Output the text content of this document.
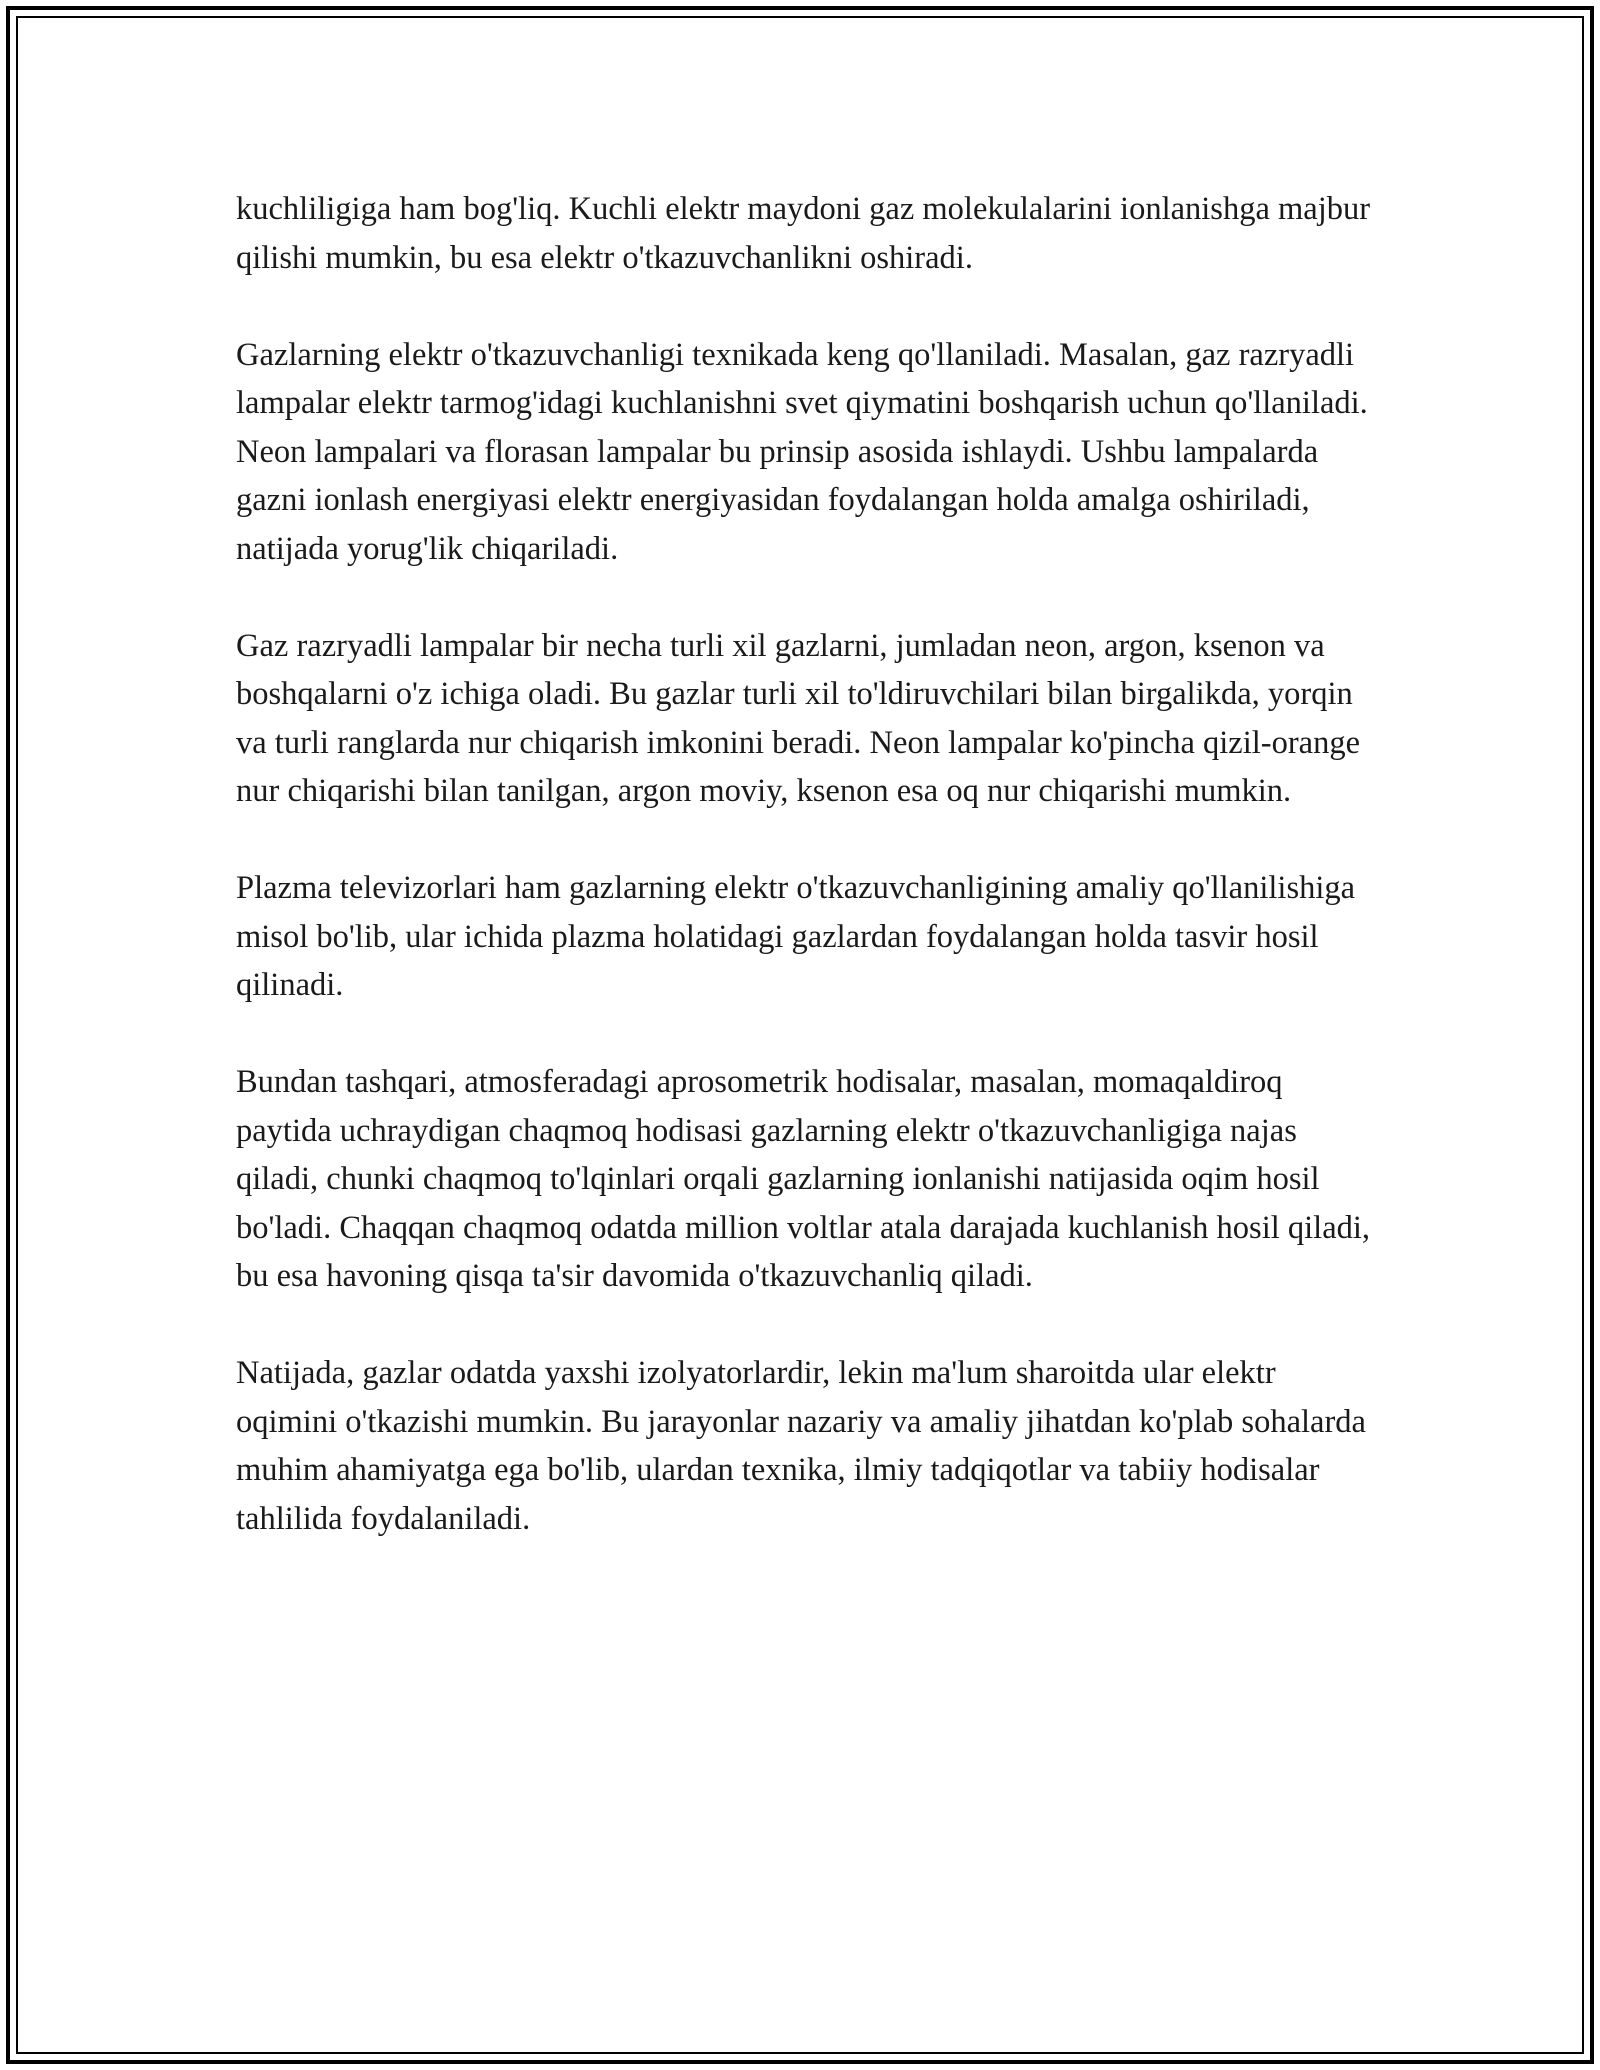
kuchliligiga ham bog'liq. Kuchli elektr maydoni gaz molekulalarini ionlanishga majbur qilishi mumkin, bu esa elektr o'tkazuvchanlikni oshiradi.

Gazlarning elektr o'tkazuvchanligi texnikada keng qo'llaniladi. Masalan, gaz razryadli lampalar elektr tarmog'idagi kuchlanishni svet qiymatini boshqarish uchun qo'llaniladi. Neon lampalari va florasan lampalar bu prinsip asosida ishlaydi. Ushbu lampalarda gazni ionlash energiyasi elektr energiyasidan foydalangan holda amalga oshiriladi, natijada yorug'lik chiqariladi.

Gaz razryadli lampalar bir necha turli xil gazlarni, jumladan neon, argon, ksenon va boshqalarni o'z ichiga oladi. Bu gazlar turli xil to'ldiruvchilari bilan birgalikda, yorqin va turli ranglarda nur chiqarish imkonini beradi. Neon lampalar ko'pincha qizil-orange nur chiqarishi bilan tanilgan, argon moviy, ksenon esa oq nur chiqarishi mumkin.

Plazma televizorlari ham gazlarning elektr o'tkazuvchanligining amaliy qo'llanilishiga misol bo'lib, ular ichida plazma holatidagi gazlardan foydalangan holda tasvir hosil qilinadi.

Bundan tashqari, atmosferadagi aprosometrik hodisalar, masalan, momaqaldiroq paytida uchraydigan chaqmoq hodisasi gazlarning elektr o'tkazuvchanligiga najas qiladi, chunki chaqmoq to'lqinlari orqali gazlarning ionlanishi natijasida oqim hosil bo'ladi. Chaqqan chaqmoq odatda million voltlar atala darajada kuchlanish hosil qiladi, bu esa havoning qisqa ta'sir davomida o'tkazuvchanliq qiladi.

Natijada, gazlar odatda yaxshi izolyatorlardir, lekin ma'lum sharoitda ular elektr oqimini o'tkazishi mumkin. Bu jarayonlar nazariy va amaliy jihatdan ko'plab sohalarda muhim ahamiyatga ega bo'lib, ulardan texnika, ilmiy tadqiqotlar va tabiiy hodisalar tahlilida foydalaniladi.
